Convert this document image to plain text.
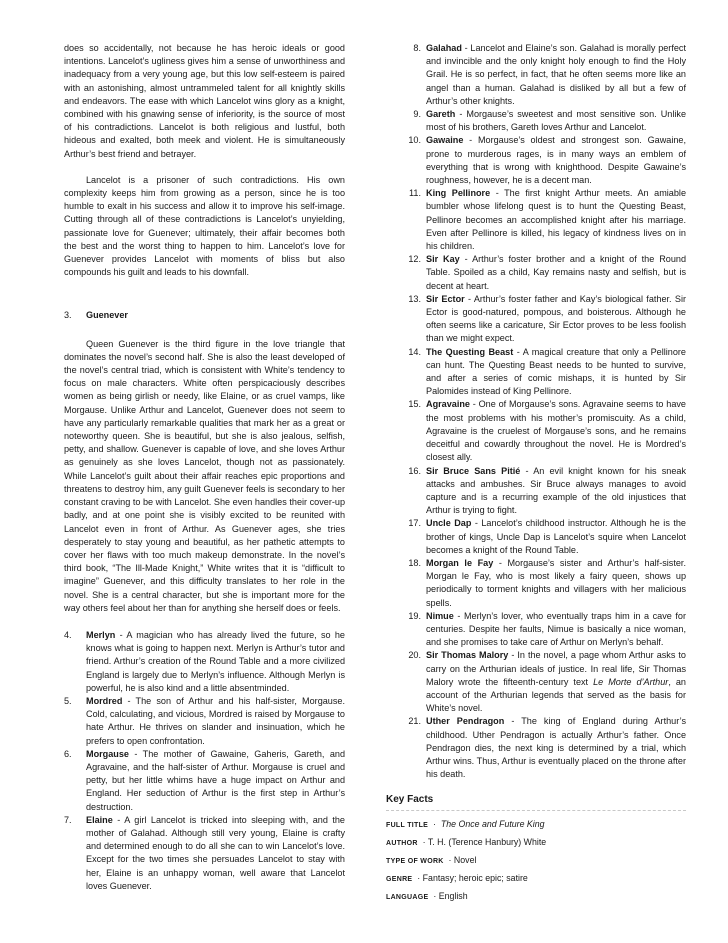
does so accidentally, not because he has heroic ideals or good intentions. Lancelot’s ugliness gives him a sense of unworthiness and inadequacy from a very young age, but this low self-esteem is paired with an astonishing, almost untrammeled talent for all knightly skills and endeavors. The ease with which Lancelot wins glory as a knight, combined with his gnawing sense of inferiority, is the source of most of his contradictions. Lancelot is both religious and lustful, both hideous and exalted, both meek and violent. He is simultaneously Arthur’s best friend and betrayer.

Lancelot is a prisoner of such contradictions. His own complexity keeps him from growing as a person, since he is too humble to exalt in his success and allow it to improve his self-image. Cutting through all of these contradictions is Lancelot’s unyielding, passionate love for Guenever; ultimately, their affair becomes both the best and the worst thing to happen to him. Lancelot’s love for Guenever provides Lancelot with moments of bliss but also compounds his guilt and leads to his downfall.

3.	Guenever

Queen Guenever is the third figure in the love triangle that dominates the novel’s second half. She is also the least developed of the novel’s central triad, which is consistent with White’s tendency to focus on male characters. White often perspicaciously describes women as being girlish or needy, like Elaine, or as cruel vamps, like Morgause. Unlike Arthur and Lancelot, Guenever does not seem to have any particularly remarkable qualities that mark her as a great or noteworthy queen. She is beautiful, but she is also jealous, selfish, petty, and shallow. Guenever is capable of love, and she loves Arthur as genuinely as she loves Lancelot, though not as passionately. While Lancelot’s guilt about their affair reaches epic proportions and threatens to destroy him, any guilt Guenever feels is secondary to her constant craving to be with Lancelot. She even handles their cover-up badly, and at one point she is visibly excited to be reunited with Lancelot even in front of Arthur. As Guenever ages, she tries desperately to stay young and beautiful, as her pathetic attempts to cover her flaws with too much makeup demonstrate. In the novel’s third book, “The Ill-Made Knight,” White writes that it is “difficult to imagine” Guenever, and this difficulty translates to her role in the novel. She is a central character, but she is important more for the way others feel about her than for anything she herself does or feels.

4.	Merlyn - A magician who has already lived the future, so he knows what is going to happen next. Merlyn is Arthur’s tutor and friend. Arthur’s creation of the Round Table and a more civilized England is largely due to Merlyn’s influence. Although Merlyn is powerful, he is also kind and a little absentminded.
5.	Mordred - The son of Arthur and his half-sister, Morgause. Cold, calculating, and vicious, Mordred is raised by Morgause to hate Arthur. He thrives on slander and insinuation, which he prefers to open confrontation.
6.	Morgause - The mother of Gawaine, Gaheris, Gareth, and Agravaine, and the half-sister of Arthur. Morgause is cruel and petty, but her little whims have a huge impact on Arthur and England. Her seduction of Arthur is the first step in Arthur’s destruction.
7.	Elaine - A girl Lancelot is tricked into sleeping with, and the mother of Galahad. Although still very young, Elaine is crafty and determined enough to do all she can to win Lancelot’s love. Except for the two times she persuades Lancelot to stay with her, Elaine is an unhappy woman, well aware that Lancelot loves Guenever.
8. Galahad - Lancelot and Elaine’s son. Galahad is morally perfect and invincible and the only knight holy enough to find the Holy Grail. He is so perfect, in fact, that he often seems more like an angel than a human. Galahad is disliked by all but a few of Arthur’s other knights.
9. Gareth - Morgause’s sweetest and most sensitive son. Unlike most of his brothers, Gareth loves Arthur and Lancelot.
10. Gawaine - Morgause’s oldest and strongest son. Gawaine, prone to murderous rages, is in many ways an emblem of everything that is wrong with knighthood. Despite Gawaine’s roughness, however, he is a decent man.
11. King Pellinore - The first knight Arthur meets. An amiable bumbler whose lifelong quest is to hunt the Questing Beast, Pellinore becomes an accomplished knight after his marriage. Even after Pellinore is killed, his legacy of kindness lives on in his children.
12. Sir Kay - Arthur’s foster brother and a knight of the Round Table. Spoiled as a child, Kay remains nasty and selfish, but is decent at heart.
13. Sir Ector - Arthur’s foster father and Kay’s biological father. Sir Ector is good-natured, pompous, and boisterous. Although he often seems like a caricature, Sir Ector proves to be less foolish than we might expect.
14. The Questing Beast - A magical creature that only a Pellinore can hunt. The Questing Beast needs to be hunted to survive, and after a series of comic mishaps, it is hunted by Sir Palomides instead of King Pellinore.
15. Agravaine - One of Morgause’s sons. Agravaine seems to have the most problems with his mother’s promiscuity. As a child, Agravaine is the cruelest of Morgause’s sons, and he remains deceitful and cowardly throughout the novel. He is Mordred’s closest ally.
16. Sir Bruce Sans Pitié - An evil knight known for his sneak attacks and ambushes. Sir Bruce always manages to avoid capture and is a recurring example of the old injustices that Arthur is trying to fight.
17. Uncle Dap - Lancelot’s childhood instructor. Although he is the brother of kings, Uncle Dap is Lancelot’s squire when Lancelot becomes a knight of the Round Table.
18. Morgan le Fay - Morgause’s sister and Arthur’s half-sister. Morgan le Fay, who is most likely a fairy queen, shows up periodically to torment knights and villagers with her malicious spells.
19. Nimue - Merlyn’s lover, who eventually traps him in a cave for centuries. Despite her faults, Nimue is basically a nice woman, and she promises to take care of Arthur on Merlyn’s behalf.
20. Sir Thomas Malory - In the novel, a page whom Arthur asks to carry on the Arthurian ideals of justice. In real life, Sir Thomas Malory wrote the fifteenth-century text Le Morte d’Arthur, an account of the Arthurian legends that served as the basis for White’s novel.
21. Uther Pendragon - The king of England during Arthur’s childhood. Uther Pendragon is actually Arthur’s father. Once Pendragon dies, the next king is determined by a trial, which Arthur wins. Thus, Arthur is eventually placed on the throne after his death.
Key Facts
FULL TITLE  ·  The Once and Future King
AUTHOR  · T. H. (Terence Hanbury) White
TYPE OF WORK  · Novel
GENRE  · Fantasy; heroic epic; satire
LANGUAGE  · English
